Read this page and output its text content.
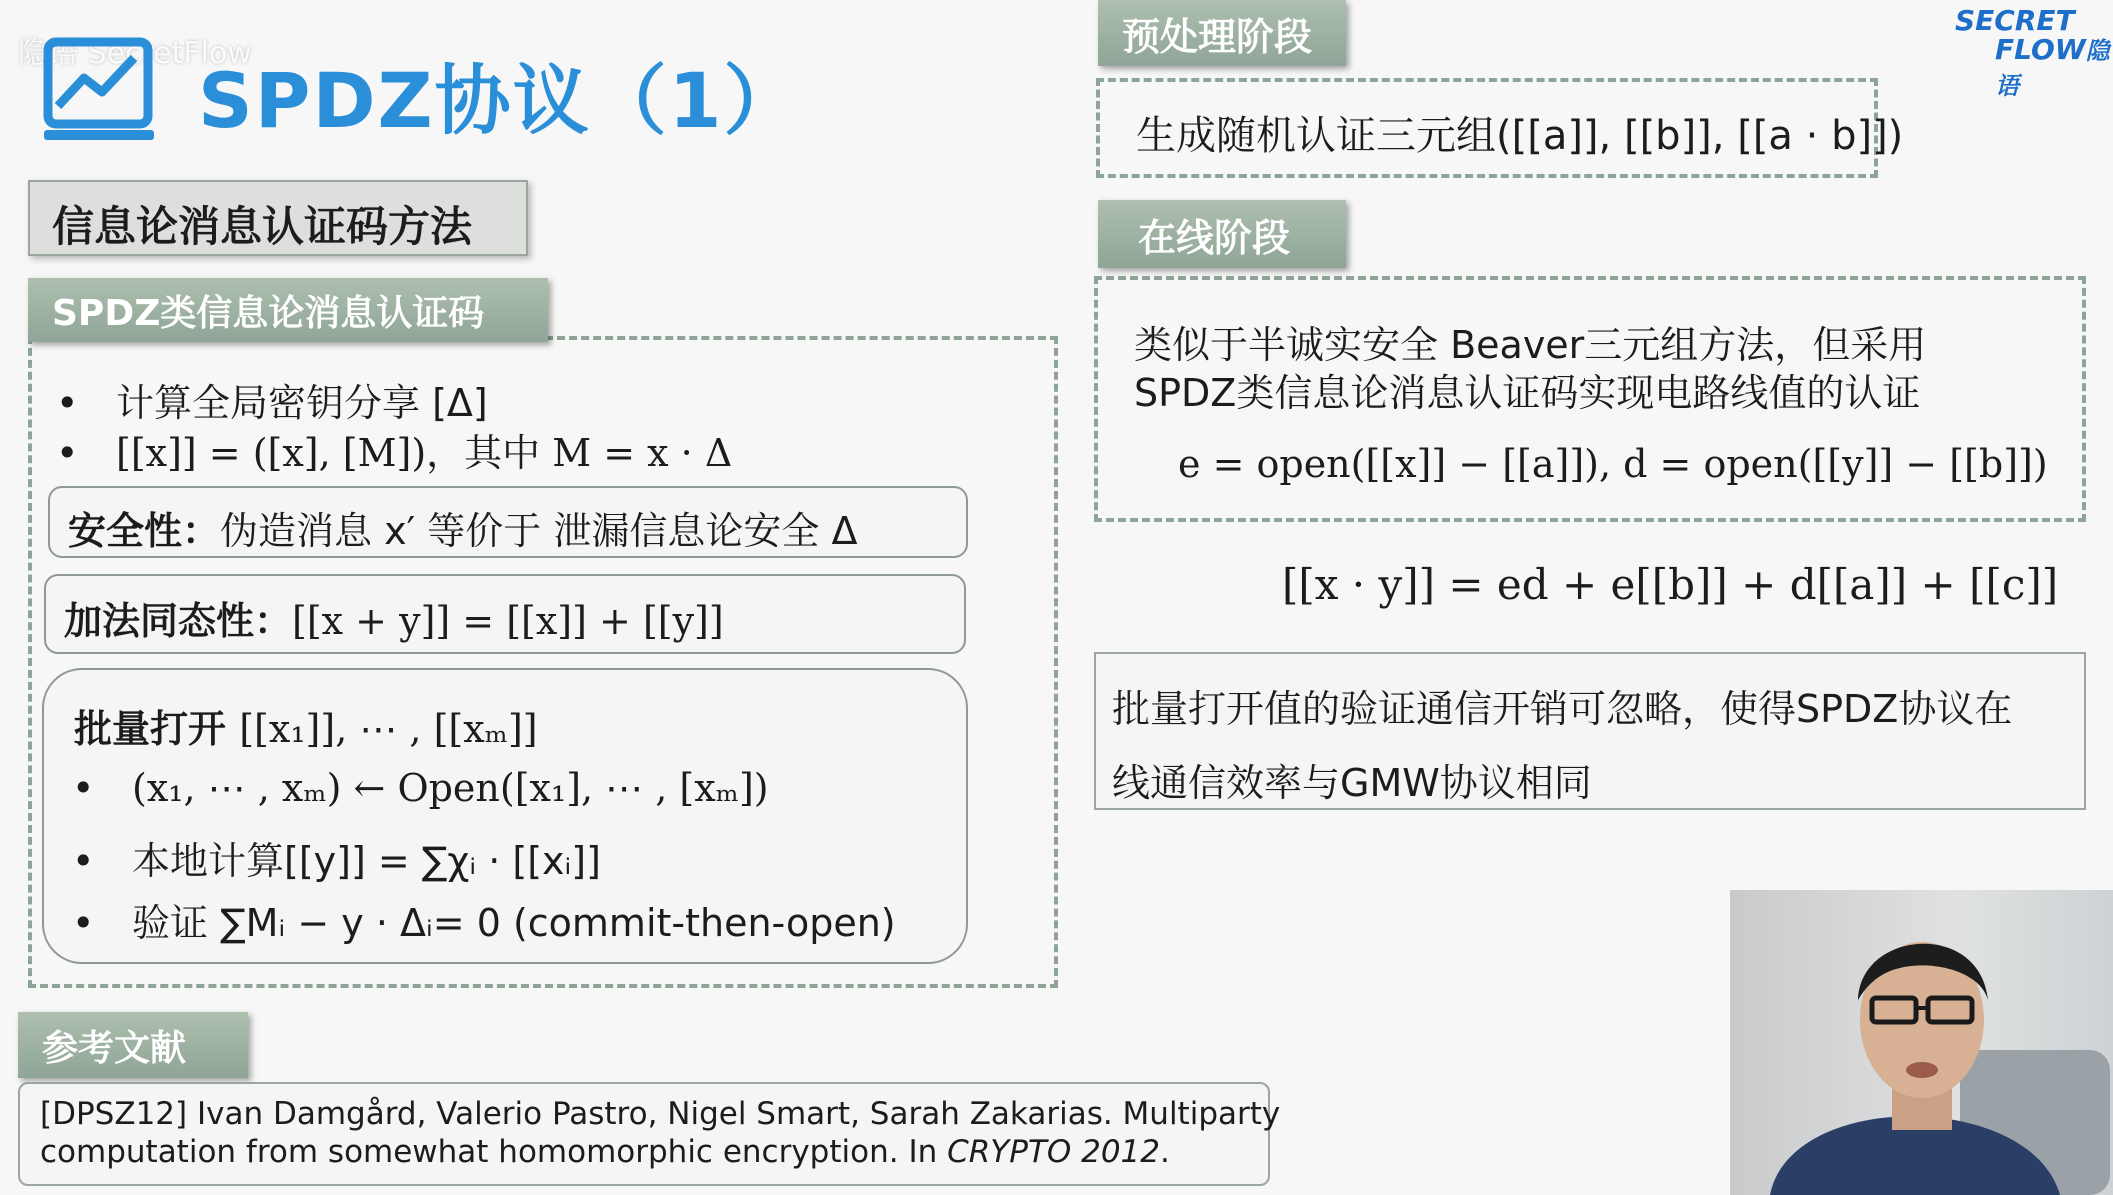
隐语 SecretFlow
SPDZ协议（1）
SECRET
FLOW隐语
信息论消息认证码方法
SPDZ类信息论消息认证码
• 计算全局密钥分享 [Δ]
• [[x]] = ([x], [M])，其中 M = x · Δ
安全性：伪造消息 x′ 等价于 泄漏信息论安全 Δ
加法同态性：[[x + y]] = [[x]] + [[y]]
批量打开 [[x₁]], ⋯ , [[xₘ]]
• (x₁, ⋯ , xₘ) ← Open([x₁], ⋯ , [xₘ])
• 本地计算[[y]] = ∑χᵢ · [[xᵢ]]
• 验证 ∑Mᵢ − y · Δᵢ= 0 (commit-then-open)
参考文献
[DPSZ12] Ivan Damgård, Valerio Pastro, Nigel Smart, Sarah Zakarias. Multiparty
computation from somewhat homomorphic encryption. In CRYPTO 2012.
预处理阶段
生成随机认证三元组([[a]], [[b]], [[a · b]])
在线阶段
类似于半诚实安全 Beaver三元组方法，但采用
SPDZ类信息论消息认证码实现电路线值的认证
e = open([[x]] − [[a]]), d = open([[y]] − [[b]])
[[x · y]] = ed + e[[b]] + d[[a]] + [[c]]
批量打开值的验证通信开销可忽略，使得SPDZ协议在
线通信效率与GMW协议相同
